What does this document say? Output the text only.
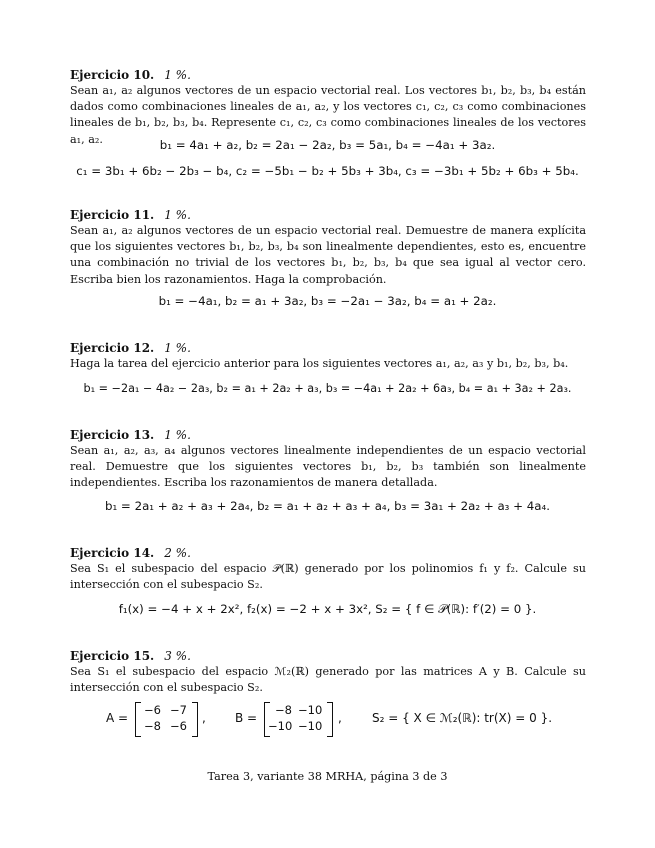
Ejercicio 10. 1 %.

Sean a₁, a₂ algunos vectores de un espacio vectorial real. Los vectores b₁, b₂, b₃, b₄ están dados como combinaciones lineales de a₁, a₂, y los vectores c₁, c₂, c₃ como combinaciones lineales de b₁, b₂, b₃, b₄. Represente c₁, c₂, c₃ como combinaciones lineales de los vectores a₁, a₂.	b₁ = 4a₁ + a₂, b₂ = 2a₁ − 2a₂, b₃ = 5a₁, b₄ = −4a₁ + 3a₂.
c₁ = 3b₁ + 6b₂ − 2b₃ − b₄, c₂ = −5b₁ − b₂ + 5b₃ + 3b₄, c₃ = −3b₁ + 5b₂ + 6b₃ + 5b₄.

Ejercicio 11. 1 %.

Sean a₁, a₂ algunos vectores de un espacio vectorial real. Demuestre de manera explícita que los siguientes vectores b₁, b₂, b₃, b₄ son linealmente dependientes, esto es, encuentre una combinación no trivial de los vectores b₁, b₂, b₃, b₄ que sea igual al vector cero. Escriba bien los razonamientos. Haga la comprobación.

b₁ = −4a₁, b₂ = a₁ + 3a₂, b₃ = −2a₁ − 3a₂, b₄ = a₁ + 2a₂.

Ejercicio 12. 1 %.

Haga la tarea del ejercicio anterior para los siguientes vectores a₁, a₂, a₃ y b₁, b₂, b₃, b₄.

b₁ = −2a₁ − 4a₂ − 2a₃, b₂ = a₁ + 2a₂ + a₃, b₃ = −4a₁ + 2a₂ + 6a₃, b₄ = a₁ + 3a₂ + 2a₃.

Ejercicio 13. 1 %.

Sean a₁, a₂, a₃, a₄ algunos vectores linealmente independientes de un espacio vectorial real. Demuestre que los siguientes vectores b₁, b₂, b₃ también son linealmente independientes. Escriba los razonamientos de manera detallada.

b₁ = 2a₁ + a₂ + a₃ + 2a₄, b₂ = a₁ + a₂ + a₃ + a₄, b₃ = 3a₁ + 2a₂ + a₃ + 4a₄.

Ejercicio 14. 2 %.

Sea S₁ el subespacio del espacio 𝒫(ℝ) generado por los polinomios f₁ y f₂. Calcule su intersección con el subespacio S₂.

f₁(x) = −4 + x + 2x², f₂(x) = −2 + x + 3x², S₂ = { f ∈ 𝒫(ℝ): f′(2) = 0 }.

Ejercicio 15. 3 %.

Sea S₁ el subespacio del espacio ℳ₂(ℝ) generado por las matrices A y B. Calcule su intersección con el subespacio S₂.

A =
−6 −7
−8 −6
, B =
−8 −10
−10 −10
,	S₂ = { X ∈ ℳ₂(ℝ): tr(X) = 0 }.
Tarea 3, variante 38 MRHA, página 3 de 3
